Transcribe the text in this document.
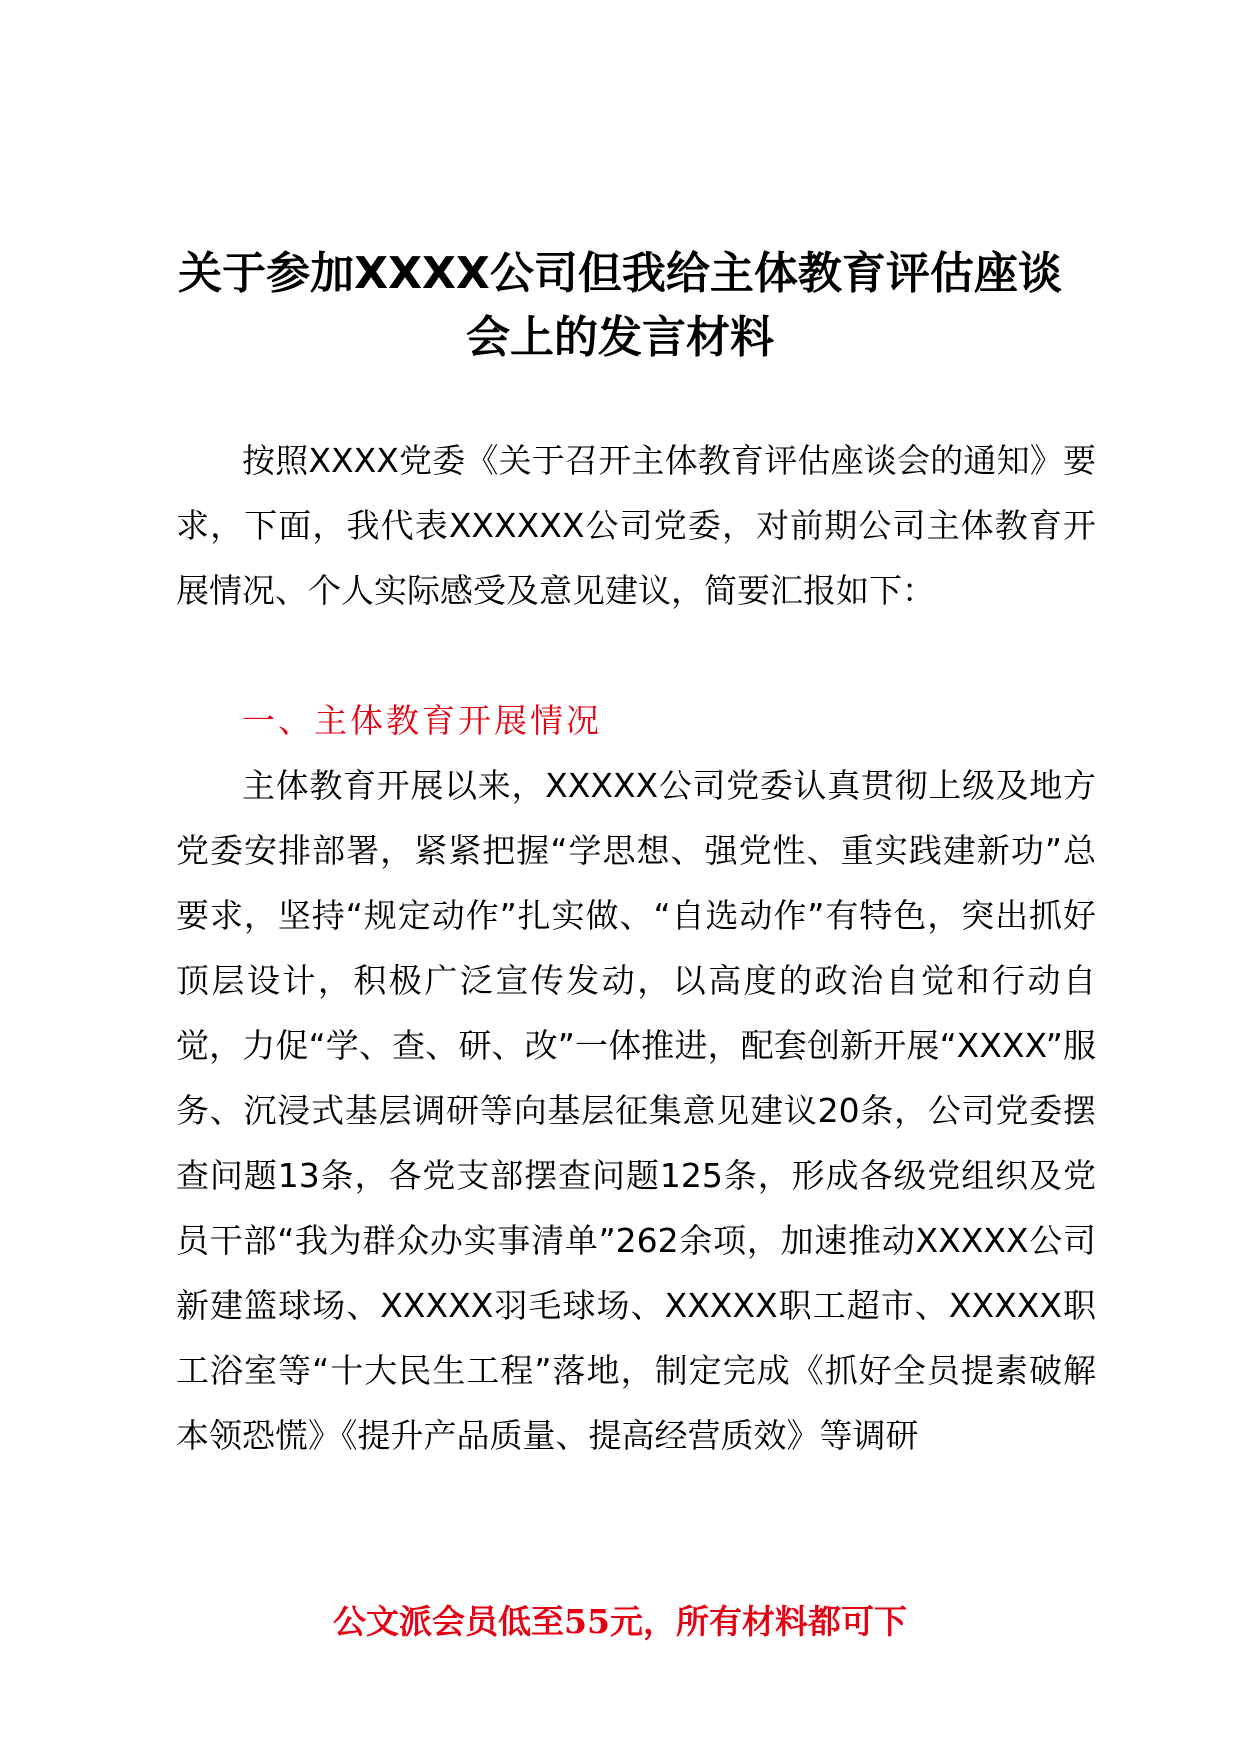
关于参加XXXX公司但我给主体教育评估座谈会上的发言材料

按照XXXX党委《关于召开主体教育评估座谈会的通知》要求，下面，我代表XXXXXX公司党委，对前期公司主体教育开展情况、个人实际感受及意见建议，简要汇报如下：

一、主体教育开展情况

主体教育开展以来，XXXXX公司党委认真贯彻上级及地方党委安排部署，紧紧把握“学思想、强党性、重实践建新功”总要求，坚持“规定动作”扎实做、“自选动作”有特色，突出抓好顶层设计，积极广泛宣传发动，以高度的政治自觉和行动自觉，力促“学、查、研、改”一体推进，配套创新开展“XXXX”服务、沉浸式基层调研等向基层征集意见建议20条，公司党委摆查问题13条，各党支部摆查问题125条，形成各级党组织及党员干部“我为群众办实事清单”262余项，加速推动XXXXX公司新建篮球场、XXXXX羽毛球场、XXXXX职工超市、XXXXX职工浴室等“十大民生工程”落地，制定完成《抓好全员提素破解本领恐慌》《提升产品质量、提高经营质效》等调研

公文派会员低至55元，所有材料都可下
